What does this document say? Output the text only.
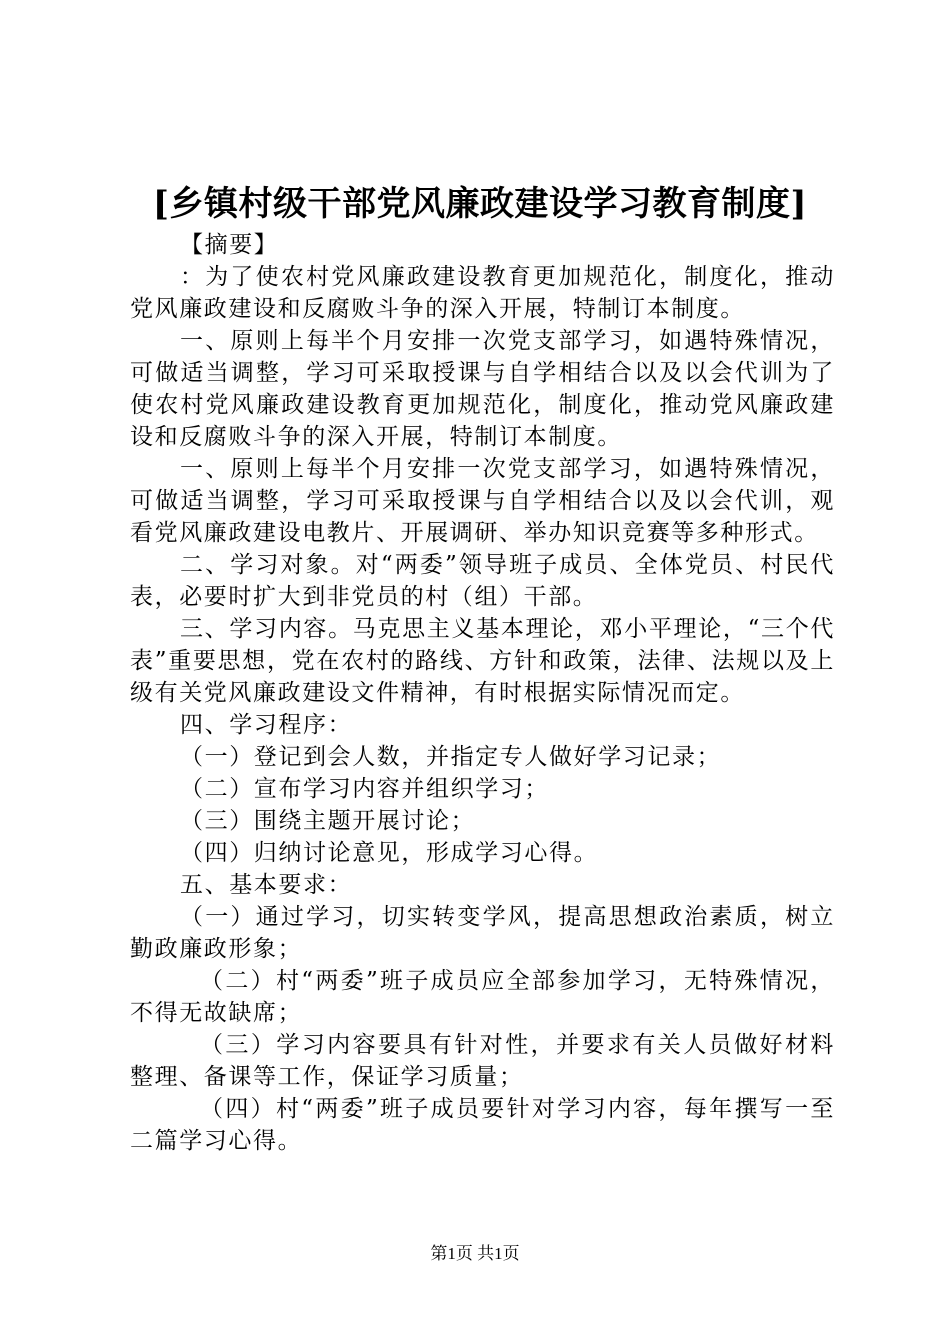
[乡镇村级干部党风廉政建设学习教育制度]

【摘要】

：为了使农村党风廉政建设教育更加规范化，制度化，推动党风廉政建设和反腐败斗争的深入开展，特制订本制度。

一、原则上每半个月安排一次党支部学习，如遇特殊情况，可做适当调整，学习可采取授课与自学相结合以及以会代训为了使农村党风廉政建设教育更加规范化，制度化，推动党风廉政建设和反腐败斗争的深入开展，特制订本制度。

一、原则上每半个月安排一次党支部学习，如遇特殊情况，可做适当调整，学习可采取授课与自学相结合以及以会代训，观看党风廉政建设电教片、开展调研、举办知识竞赛等多种形式。

二、学习对象。对“两委”领导班子成员、全体党员、村民代表，必要时扩大到非党员的村（组）干部。

三、学习内容。马克思主义基本理论，邓小平理论，“三个代表”重要思想，党在农村的路线、方针和政策，法律、法规以及上级有关党风廉政建设文件精神，有时根据实际情况而定。

四、学习程序：

（一）登记到会人数，并指定专人做好学习记录；

（二）宣布学习内容并组织学习；

（三）围绕主题开展讨论；

（四）归纳讨论意见，形成学习心得。

五、基本要求：

（一）通过学习，切实转变学风，提高思想政治素质，树立勤政廉政形象；

（二）村“两委”班子成员应全部参加学习，无特殊情况，不得无故缺席；

（三）学习内容要具有针对性，并要求有关人员做好材料整理、备课等工作，保证学习质量；

（四）村“两委”班子成员要针对学习内容，每年撰写一至二篇学习心得。

第1页 共1页
